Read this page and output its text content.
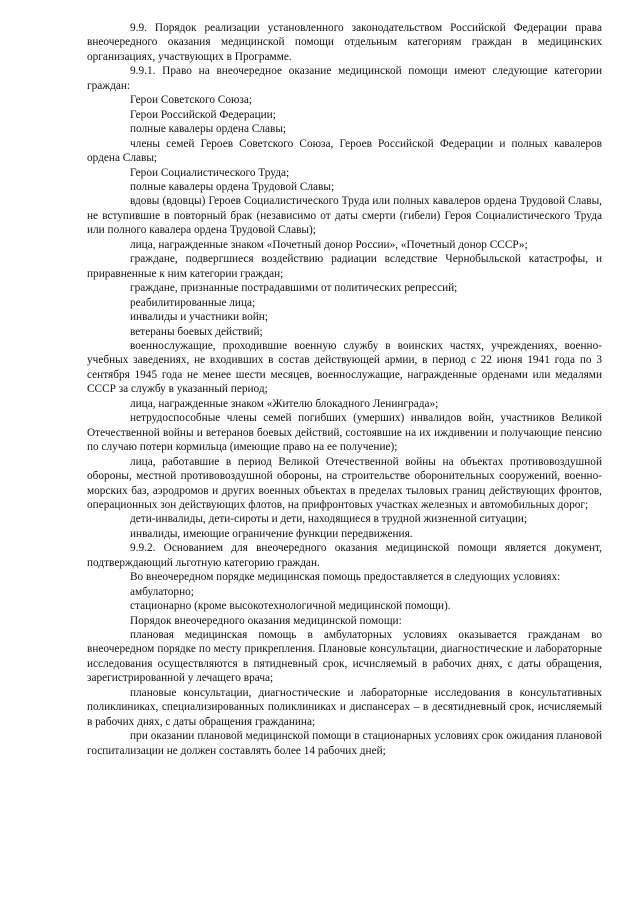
9.9. Порядок реализации установленного законодательством Российской Федерации права внеочередного оказания медицинской помощи отдельным категориям граждан в медицинских организациях, участвующих в Программе.

9.9.1. Право на внеочередное оказание медицинской помощи имеют следующие категории граждан:

Герои Советского Союза;

Герои Российской Федерации;

полные кавалеры ордена Славы;

члены семей Героев Советского Союза, Героев Российской Федерации и полных кавалеров ордена Славы;

Герои Социалистического Труда;

полные кавалеры ордена Трудовой Славы;

вдовы (вдовцы) Героев Социалистического Труда или полных кавалеров ордена Трудовой Славы, не вступившие в повторный брак (независимо от даты смерти (гибели) Героя Социалистического Труда или полного кавалера ордена Трудовой Славы);

лица, награжденные знаком «Почетный донор России», «Почетный донор СССР»;

граждане, подвергшиеся воздействию радиации вследствие Чернобыльской катастрофы, и приравненные к ним категории граждан;

граждане, признанные пострадавшими от политических репрессий;

реабилитированные лица;

инвалиды и участники войн;

ветераны боевых действий;

военнослужащие, проходившие военную службу в воинских частях, учреждениях, военно-учебных заведениях, не входивших в состав действующей армии, в период с 22 июня 1941 года по 3 сентября 1945 года не менее шести месяцев, военнослужащие, награжденные орденами или медалями СССР за службу в указанный период;

лица, награжденные знаком «Жителю блокадного Ленинграда»;

нетрудоспособные члены семей погибших (умерших) инвалидов войн, участников Великой Отечественной войны и ветеранов боевых действий, состоявшие на их иждивении и получающие пенсию по случаю потери кормильца (имеющие право на ее получение);

лица, работавшие в период Великой Отечественной войны на объектах противовоздушной обороны, местной противовоздушной обороны, на строительстве оборонительных сооружений, военно-морских баз, аэродромов и других военных объектах в пределах тыловых границ действующих фронтов, операционных зон действующих флотов, на прифронтовых участках железных и автомобильных дорог;

дети-инвалиды, дети-сироты и дети, находящиеся в трудной жизненной ситуации;

инвалиды, имеющие ограничение функции передвижения.

9.9.2. Основанием для внеочередного оказания медицинской помощи является документ, подтверждающий льготную категорию граждан.

Во внеочередном порядке медицинская помощь предоставляется в следующих условиях:

амбулаторно;

стационарно (кроме высокотехнологичной медицинской помощи).

Порядок внеочередного оказания медицинской помощи:

плановая медицинская помощь в амбулаторных условиях оказывается гражданам во внеочередном порядке по месту прикрепления. Плановые консультации, диагностические и лабораторные исследования осуществляются в пятидневный срок, исчисляемый в рабочих днях, с даты обращения, зарегистрированной у лечащего врача;

плановые консультации, диагностические и лабораторные исследования в консультативных поликлиниках, специализированных поликлиниках и диспансерах – в десятидневный срок, исчисляемый в рабочих днях, с даты обращения гражданина;

при оказании плановой медицинской помощи в стационарных условиях срок ожидания плановой госпитализации не должен составлять более 14 рабочих дней;
